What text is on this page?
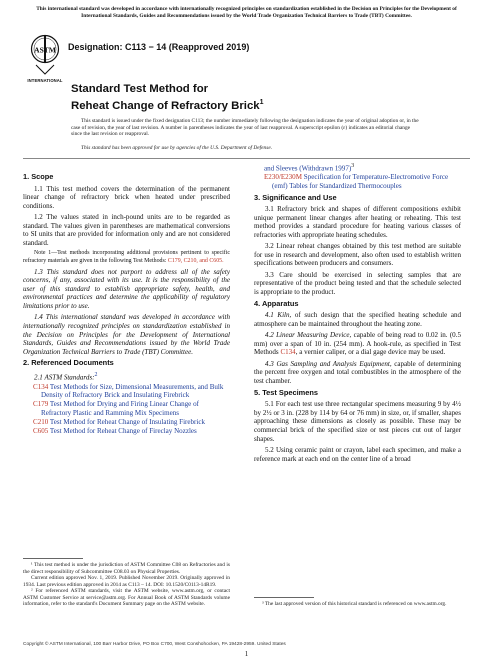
This international standard was developed in accordance with internationally recognized principles on standardization established in the Decision on Principles for the Development of International Standards, Guides and Recommendations issued by the World Trade Organization Technical Barriers to Trade (TBT) Committee.
ASTM
INTERNATIONAL
Designation: C113 − 14 (Reapproved 2019)
Standard Test Method for
Reheat Change of Refractory Brick$^1$
This standard is issued under the fixed designation C113; the number immediately following the designation indicates the year of original adoption or, in the case of revision, the year of last revision. A number in parentheses indicates the year of last reapproval. A superscript epsilon (ε) indicates an editorial change since the last revision or reapproval.
This standard has been approved for use by agencies of the U.S. Department of Defense.
1. Scope

1.1 This test method covers the determination of the permanent linear change of refractory brick when heated under prescribed conditions.

1.2 The values stated in inch-pound units are to be regarded as standard. The values given in parentheses are mathematical conversions to SI units that are provided for information only and are not considered standard.

Note 1—Test methods incorporating additional provisions pertinent to specific refractory materials are given in the following Test Methods: C179, C210, and C605.

1.3 This standard does not purport to address all of the safety concerns, if any, associated with its use. It is the responsibility of the user of this standard to establish appropriate safety, health, and environmental practices and determine the applicability of regulatory limitations prior to use.

1.4 This international standard was developed in accordance with internationally recognized principles on standardization established in the Decision on Principles for the Development of International Standards, Guides and Recommendations issued by the World Trade Organization Technical Barriers to Trade (TBT) Committee.

2. Referenced Documents

2.1 ASTM Standards:$^2$

C134 Test Methods for Size, Dimensional Measurements, and Bulk Density of Refractory Brick and Insulating Firebrick
C179 Test Method for Drying and Firing Linear Change of Refractory Plastic and Ramming Mix Specimens
C210 Test Method for Reheat Change of Insulating Firebrick
C605 Test Method for Reheat Change of Fireclay Nozzles
¹ This test method is under the jurisdiction of ASTM Committee C08 on Refractories and is the direct responsibility of Subcommittee C08.03 on Physical Properties.
Current edition approved Nov. 1, 2019. Published November 2019. Originally approved in 1934. Last previous edition approved in 2014 as C113 – 14. DOI: 10.1520/C0113-14R19.
² For referenced ASTM standards, visit the ASTM website, www.astm.org, or contact ASTM Customer Service at service@astm.org. For Annual Book of ASTM Standards volume information, refer to the standard's Document Summary page on the ASTM website.
and Sleeves (Withdrawn 1997)$^3$
E230/E230M Specification for Temperature-Electromotive Force (emf) Tables for Standardized Thermocouples
3. Significance and Use

3.1 Refractory brick and shapes of different compositions exhibit unique permanent linear changes after heating or reheating. This test method provides a standard procedure for heating various classes of refractories with appropriate heating schedules.

3.2 Linear reheat changes obtained by this test method are suitable for use in research and development, also often used to establish written specifications between producers and consumers.

3.3 Care should be exercised in selecting samples that are representative of the product being tested and that the schedule selected is appropriate to the product.

4. Apparatus

4.1 Kiln, of such design that the specified heating schedule and atmosphere can be maintained throughout the heating zone.

4.2 Linear Measuring Device, capable of being read to 0.02 in. (0.5 mm) over a span of 10 in. (254 mm). A hook-rule, as specified in Test Methods C134, a vernier caliper, or a dial gage device may be used.

4.3 Gas Sampling and Analysis Equipment, capable of determining the percent free oxygen and total combustibles in the atmosphere of the test chamber.

5. Test Specimens

5.1 For each test use three rectangular specimens measuring 9 by 4½ by 2½ or 3 in. (228 by 114 by 64 or 76 mm) in size, or, if smaller, shapes approaching these dimensions as closely as possible. These may be commercial brick of the specified size or test pieces cut out of larger shapes.

5.2 Using ceramic paint or crayon, label each specimen, and make a reference mark at each end on the center line of a broad

³ The last approved version of this historical standard is referenced on www.astm.org.
Copyright © ASTM International, 100 Barr Harbor Drive, PO Box C700, West Conshohocken, PA 19428-2959. United States
1
